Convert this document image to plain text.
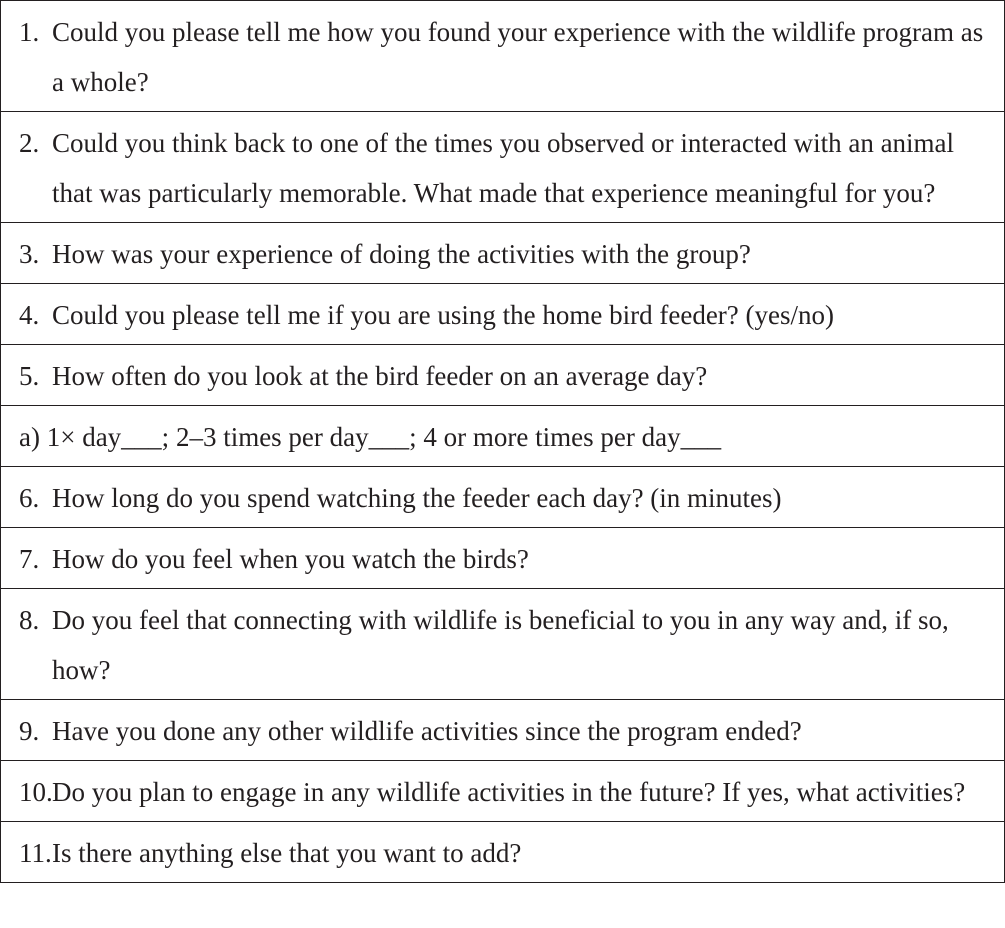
1. Could you please tell me how you found your experience with the wildlife program as a whole?

2. Could you think back to one of the times you observed or interacted with an animal that was particularly memorable. What made that experience meaningful for you?

3. How was your experience of doing the activities with the group?

4. Could you please tell me if you are using the home bird feeder? (yes/no)

5. How often do you look at the bird feeder on an average day?

a) 1× day___; 2–3 times per day___; 4 or more times per day___

6. How long do you spend watching the feeder each day? (in minutes)

7. How do you feel when you watch the birds?

8. Do you feel that connecting with wildlife is beneficial to you in any way and, if so, how?

9. Have you done any other wildlife activities since the program ended?

10. Do you plan to engage in any wildlife activities in the future? If yes, what activities?

11. Is there anything else that you want to add?
